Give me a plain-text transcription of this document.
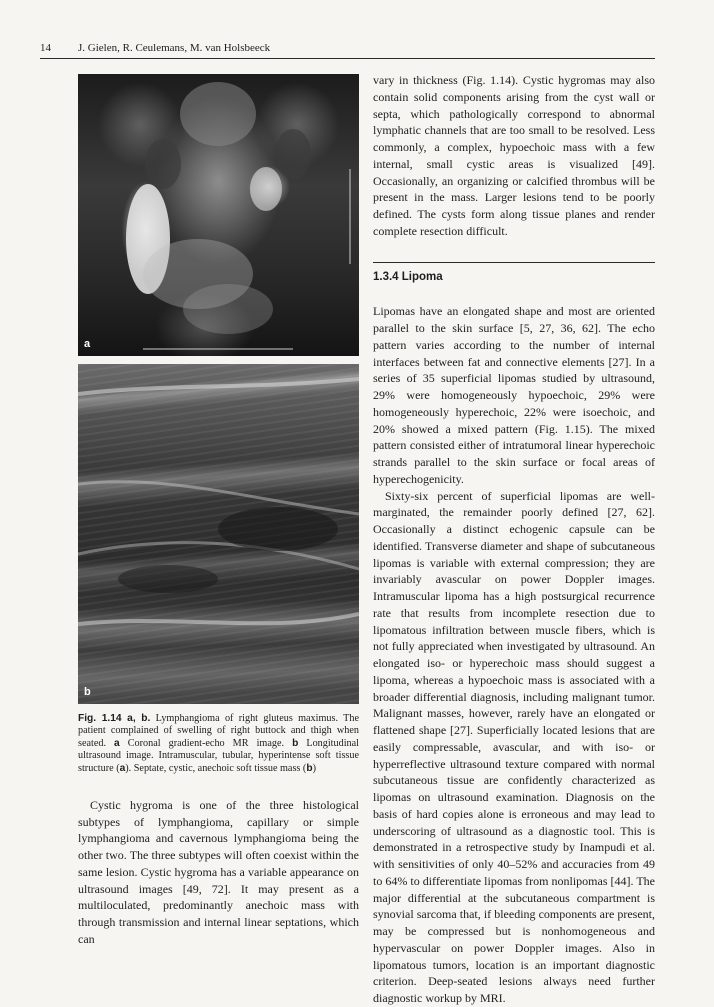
14 J. Gielen, R. Ceulemans, M. van Holsbeeck
a
b
Fig. 1.14 a, b. Lymphangioma of right gluteus maximus. The patient complained of swelling of right buttock and thigh when seated. a Coronal gradient-echo MR image. b Longitudinal ultrasound image. Intramuscular, tubular, hyperintense soft tissue structure (a). Septate, cystic, anechoic soft tissue mass (b)

Cystic hygroma is one of the three histological subtypes of lymphangioma, capillary or simple lymphangioma and cavernous lymphangioma being the other two. The three subtypes will often coexist within the same lesion. Cystic hygroma has a variable appearance on ultrasound images [49, 72]. It may present as a multiloculated, predominantly anechoic mass with through transmission and internal linear septations, which can

vary in thickness (Fig. 1.14). Cystic hygromas may also contain solid components arising from the cyst wall or septa, which pathologically correspond to abnormal lymphatic channels that are too small to be resolved. Less commonly, a complex, hypoechoic mass with a few internal, small cystic areas is visualized [49]. Occasionally, an organizing or calcified thrombus will be present in the mass. Larger lesions tend to be poorly defined. The cysts form along tissue planes and render complete resection difficult.

1.3.4 Lipoma

Lipomas have an elongated shape and most are oriented parallel to the skin surface [5, 27, 36, 62]. The echo pattern varies according to the number of internal interfaces between fat and connective elements [27]. In a series of 35 superficial lipomas studied by ultrasound, 29% were homogeneously hypoechoic, 29% were homogeneously hyperechoic, 22% were isoechoic, and 20% showed a mixed pattern (Fig. 1.15). The mixed pattern consisted either of intratumoral linear hyperechoic strands parallel to the skin surface or focal areas of hyperechogenicity.

Sixty-six percent of superficial lipomas are well-marginated, the remainder poorly defined [27, 62]. Occasionally a distinct echogenic capsule can be identified. Transverse diameter and shape of subcutaneous lipomas is variable with external compression; they are invariably avascular on power Doppler images. Intramuscular lipoma has a high postsurgical recurrence rate that results from incomplete resection due to lipomatous infiltration between muscle fibers, which is not fully appreciated when investigated by ultrasound. An elongated iso- or hyperechoic mass should suggest a lipoma, whereas a hypoechoic mass is associated with a broader differential diagnosis, including malignant tumor. Malignant masses, however, rarely have an elongated or flattened shape [27]. Superficially located lesions that are easily compressable, avascular, and with iso- or hyperreflective ultrasound texture compared with normal subcutaneous tissue are confidently characterized as lipomas on ultrasound examination. Diagnosis on the basis of hard copies alone is erroneous and may lead to underscoring of ultrasound as a diagnostic tool. This is demonstrated in a retrospective study by Inampudi et al. with sensitivities of only 40–52% and accuracies from 49 to 64% to differentiate lipomas from nonlipomas [44]. The major differential at the subcutaneous compartment is synovial sarcoma that, if bleeding components are present, may be compressed but is nonhomogeneous and hypervascular on power Doppler images. Also in lipomatous tumors, location is an important diagnostic criterion. Deep-seated lesions always need further diagnostic workup by MRI.
